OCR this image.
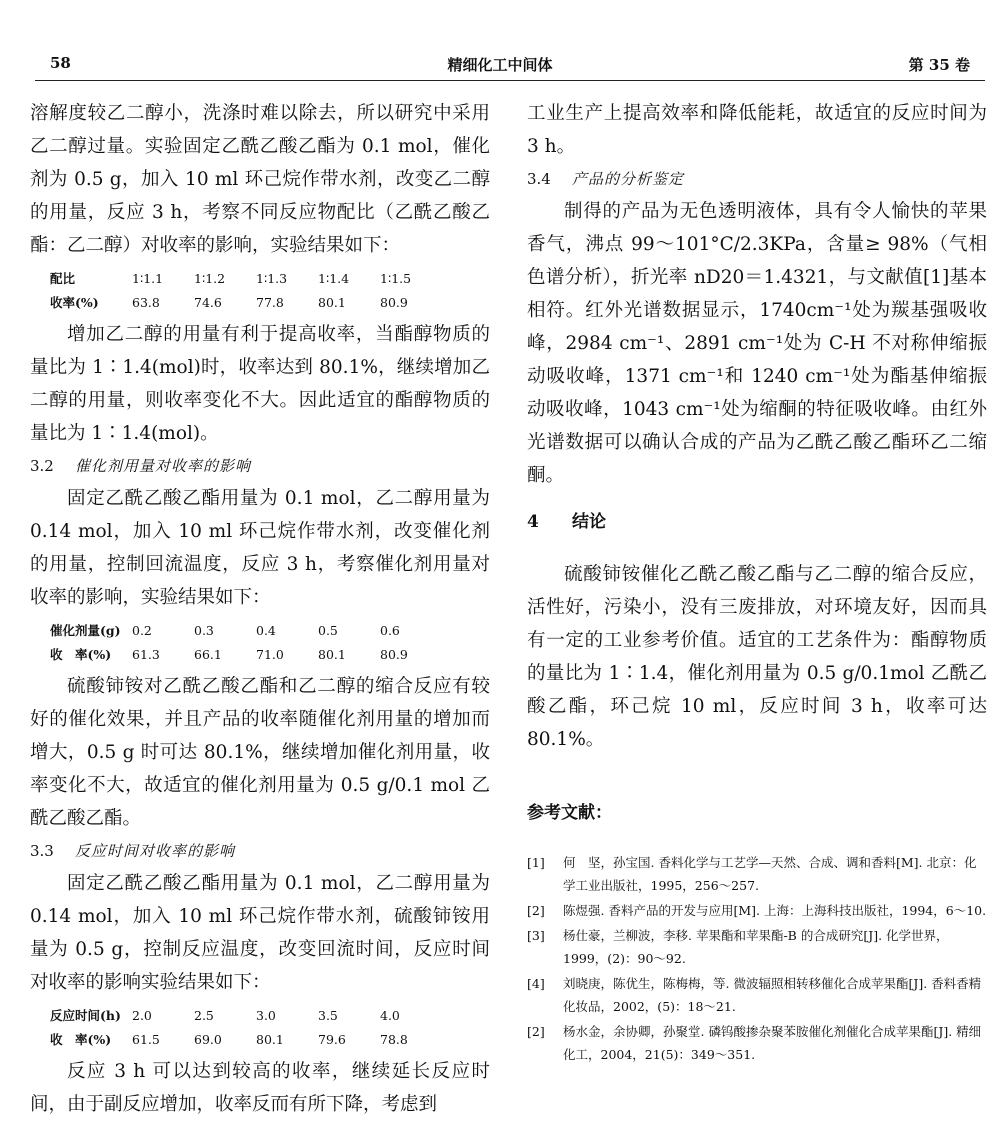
58	精细化工中间体	第 35 卷

溶解度较乙二醇小，洗涤时难以除去，所以研究中采用乙二醇过量。实验固定乙酰乙酸乙酯为 0.1 mol，催化剂为 0.5 g，加入 10 ml 环己烷作带水剂，改变乙二醇的用量，反应 3 h，考察不同反应物配比（乙酰乙酸乙酯：乙二醇）对收率的影响，实验结果如下：

配比	1∶1.1	1∶1.2	1∶1.3	1∶1.4	1∶1.5
收率(%)	63.8	74.6	77.8	80.1	80.9

增加乙二醇的用量有利于提高收率，当酯醇物质的量比为 1∶1.4(mol)时，收率达到 80.1%，继续增加乙二醇的用量，则收率变化不大。因此适宜的酯醇物质的量比为 1∶1.4(mol)。

3.2 催化剂用量对收率的影响

固定乙酰乙酸乙酯用量为 0.1 mol，乙二醇用量为 0.14 mol，加入 10 ml 环己烷作带水剂，改变催化剂的用量，控制回流温度，反应 3 h，考察催化剂用量对收率的影响，实验结果如下：

催化剂量(g)	0.2	0.3	0.4	0.5	0.6
收　率(%)	61.3	66.1	71.0	80.1	80.9

硫酸铈铵对乙酰乙酸乙酯和乙二醇的缩合反应有较好的催化效果，并且产品的收率随催化剂用量的增加而增大，0.5 g 时可达 80.1%，继续增加催化剂用量，收率变化不大，故适宜的催化剂用量为 0.5 g/0.1 mol 乙酰乙酸乙酯。

3.3 反应时间对收率的影响

固定乙酰乙酸乙酯用量为 0.1 mol，乙二醇用量为 0.14 mol，加入 10 ml 环己烷作带水剂，硫酸铈铵用量为 0.5 g，控制反应温度，改变回流时间，反应时间对收率的影响实验结果如下：

反应时间(h)	2.0	2.5	3.0	3.5	4.0
收　率(%)	61.5	69.0	80.1	79.6	78.8

反应 3 h 可以达到较高的收率，继续延长反应时间，由于副反应增加，收率反而有所下降，考虑到

工业生产上提高效率和降低能耗，故适宜的反应时间为 3 h。

3.4 产品的分析鉴定

制得的产品为无色透明液体，具有令人愉快的苹果香气，沸点 99～101°C/2.3KPa，含量≥ 98%（气相色谱分析），折光率 nD20＝1.4321，与文献值[1]基本相符。红外光谱数据显示，1740cm⁻¹处为羰基强吸收峰，2984 cm⁻¹、2891 cm⁻¹处为 C-H 不对称伸缩振动吸收峰，1371 cm⁻¹和 1240 cm⁻¹处为酯基伸缩振动吸收峰，1043 cm⁻¹处为缩酮的特征吸收峰。由红外光谱数据可以确认合成的产品为乙酰乙酸乙酯环乙二缩酮。

4 结论

硫酸铈铵催化乙酰乙酸乙酯与乙二醇的缩合反应，活性好，污染小，没有三废排放，对环境友好，因而具有一定的工业参考价值。适宜的工艺条件为：酯醇物质的量比为 1∶1.4，催化剂用量为 0.5 g/0.1mol 乙酰乙酸乙酯，环己烷 10 ml，反应时间 3 h，收率可达 80.1%。

参考文献：
[1]	何　坚，孙宝国. 香料化学与工艺学—天然、合成、调和香料[M]. 北京：化学工业出版社，1995，256～257.
[2]	陈煜强. 香料产品的开发与应用[M]. 上海：上海科技出版社，1994，6～10.
[3]	杨仕豪，兰柳波，李移. 苹果酯和苹果酯-B 的合成研究[J]. 化学世界，1999，(2)：90～92.
[4]	刘晓庚，陈优生，陈梅梅，等. 微波辐照相转移催化合成苹果酯[J]. 香料香精化妆品，2002，(5)：18～21.
[2]	杨水金，余协卿，孙聚堂. 磷钨酸掺杂聚苯胺催化剂催化合成苹果酯[J]. 精细化工，2004，21(5)：349～351.
